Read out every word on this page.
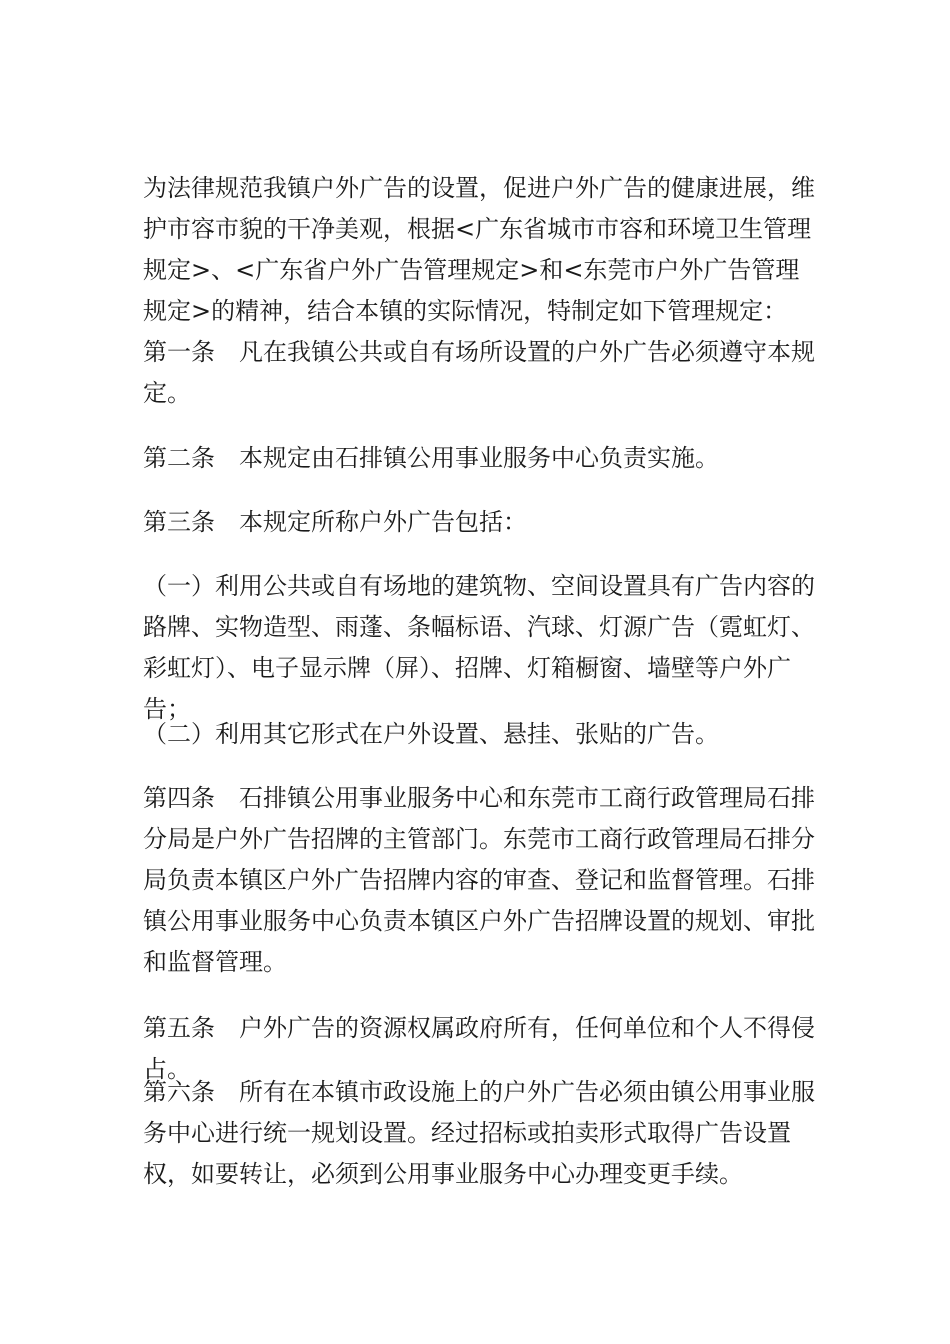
为法律规范我镇户外广告的设置，促进户外广告的健康进展，维护市容市貌的干净美观，根据<广东省城市市容和环境卫生管理规定>、<广东省户外广告管理规定>和<东莞市户外广告管理规定>的精神，结合本镇的实际情况，特制定如下管理规定：

第一条 凡在我镇公共或自有场所设置的户外广告必须遵守本规定。

第二条 本规定由石排镇公用事业服务中心负责实施。

第三条 本规定所称户外广告包括：

（一）利用公共或自有场地的建筑物、空间设置具有广告内容的路牌、实物造型、雨蓬、条幅标语、汽球、灯源广告（霓虹灯、彩虹灯）、电子显示牌（屏）、招牌、灯箱橱窗、墙壁等户外广告；

（二）利用其它形式在户外设置、悬挂、张贴的广告。

第四条 石排镇公用事业服务中心和东莞市工商行政管理局石排分局是户外广告招牌的主管部门。东莞市工商行政管理局石排分局负责本镇区户外广告招牌内容的审查、登记和监督管理。石排镇公用事业服务中心负责本镇区户外广告招牌设置的规划、审批和监督管理。

第五条 户外广告的资源权属政府所有，任何单位和个人不得侵占。

第六条 所有在本镇市政设施上的户外广告必须由镇公用事业服务中心进行统一规划设置。经过招标或拍卖形式取得广告设置权，如要转让，必须到公用事业服务中心办理变更手续。
